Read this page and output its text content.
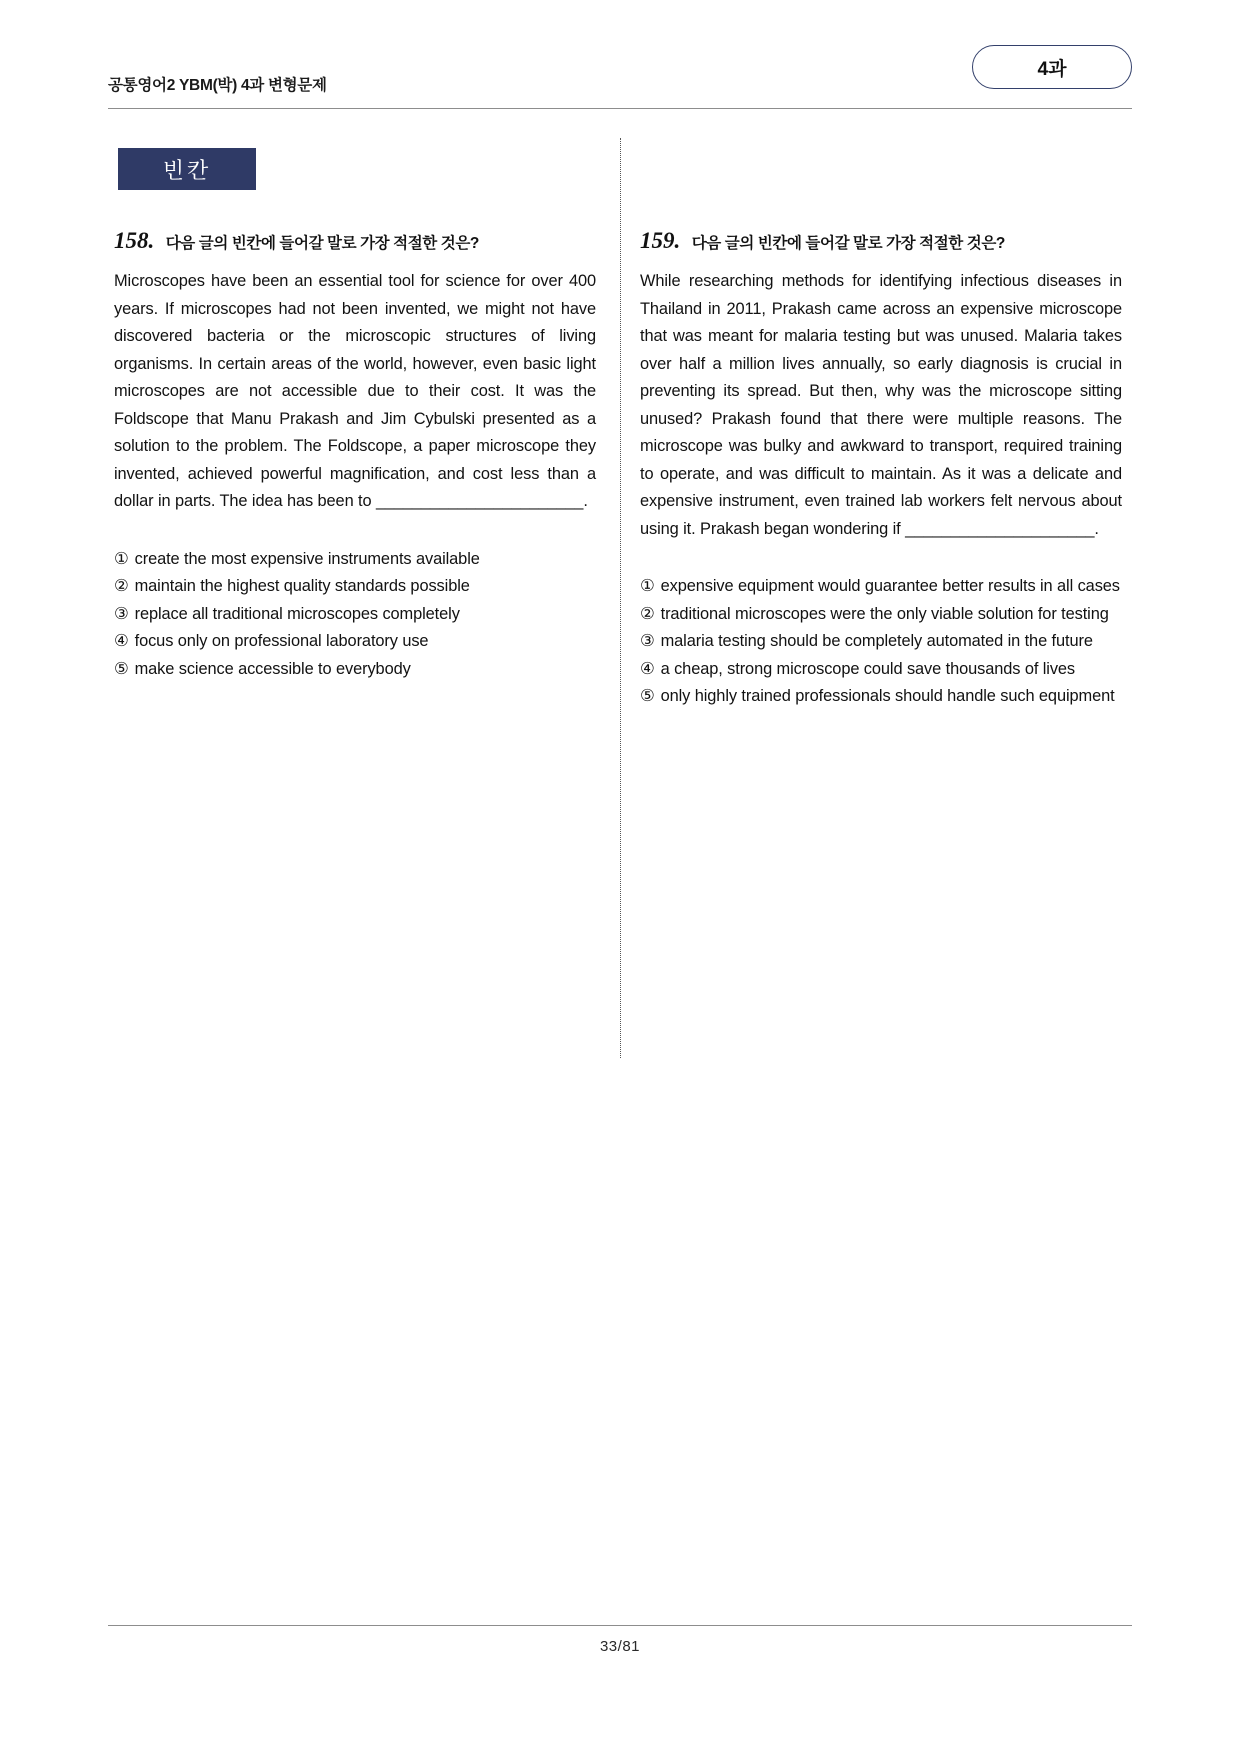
공통영어2 YBM(박) 4과 변형문제
4과
빈칸
158. 다음 글의 빈칸에 들어갈 말로 가장 적절한 것은?

Microscopes have been an essential tool for science for over 400 years. If microscopes had not been invented, we might not have discovered bacteria or the microscopic structures of living organisms. In certain areas of the world, however, even basic light microscopes are not accessible due to their cost. It was the Foldscope that Manu Prakash and Jim Cybulski presented as a solution to the problem. The Foldscope, a paper microscope they invented, achieved powerful magnification, and cost less than a dollar in parts. The idea has been to _______________________.

① create the most expensive instruments available
② maintain the highest quality standards possible
③ replace all traditional microscopes completely
④ focus only on professional laboratory use
⑤ make science accessible to everybody
159. 다음 글의 빈칸에 들어갈 말로 가장 적절한 것은?

While researching methods for identifying infectious diseases in Thailand in 2011, Prakash came across an expensive microscope that was meant for malaria testing but was unused. Malaria takes over half a million lives annually, so early diagnosis is crucial in preventing its spread. But then, why was the microscope sitting unused? Prakash found that there were multiple reasons. The microscope was bulky and awkward to transport, required training to operate, and was difficult to maintain. As it was a delicate and expensive instrument, even trained lab workers felt nervous about using it. Prakash began wondering if _____________________.

① expensive equipment would guarantee better results in all cases
② traditional microscopes were the only viable solution for testing
③ malaria testing should be completely automated in the future
④ a cheap, strong microscope could save thousands of lives
⑤ only highly trained professionals should handle such equipment
33/81
